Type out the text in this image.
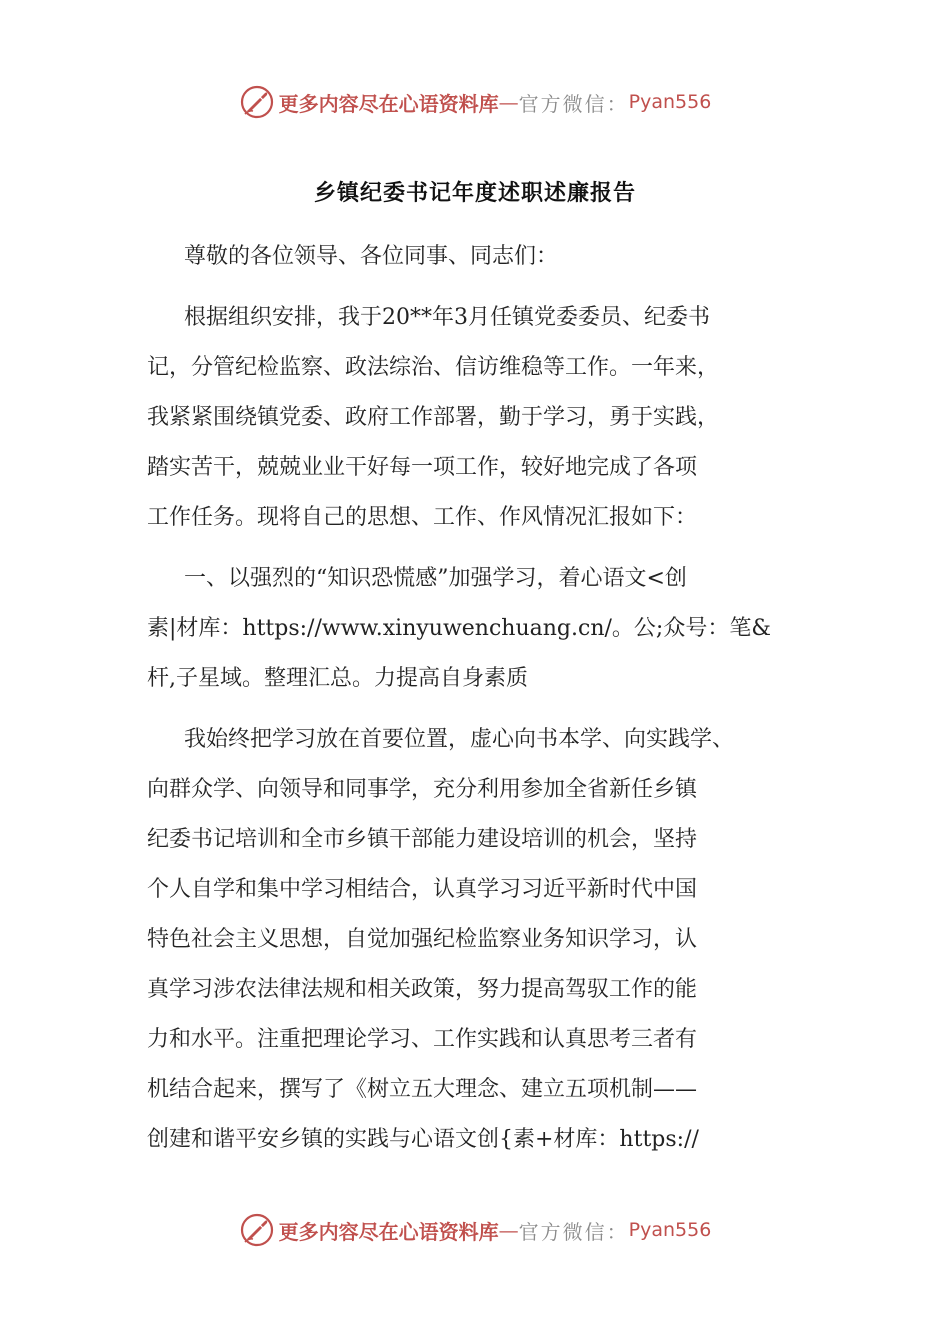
更多内容尽在心语资料库 — 官方微信： Pyan556
乡镇纪委书记年度述职述廉报告
尊敬的各位领导、各位同事、同志们：
根据组织安排，我于20**年3月任镇党委委员、纪委书
记，分管纪检监察、政法综治、信访维稳等工作。一年来，
我紧紧围绕镇党委、政府工作部署，勤于学习，勇于实践，
踏实苦干，兢兢业业干好每一项工作，较好地完成了各项
工作任务。现将自己的思想、工作、作风情况汇报如下：
一、以强烈的“知识恐慌感”加强学习，着心语文<创
素|材库：https://www.xinyuwenchuang.cn/。公;众号：笔&
杆,子星域。整理汇总。力提高自身素质
我始终把学习放在首要位置，虚心向书本学、向实践学、
向群众学、向领导和同事学，充分利用参加全省新任乡镇
纪委书记培训和全市乡镇干部能力建设培训的机会，坚持
个人自学和集中学习相结合，认真学习习近平新时代中国
特色社会主义思想，自觉加强纪检监察业务知识学习，认
真学习涉农法律法规和相关政策，努力提高驾驭工作的能
力和水平。注重把理论学习、工作实践和认真思考三者有
机结合起来，撰写了《树立五大理念、建立五项机制——
创建和谐平安乡镇的实践与心语文创{素+材库：https://
更多内容尽在心语资料库 — 官方微信： Pyan556
